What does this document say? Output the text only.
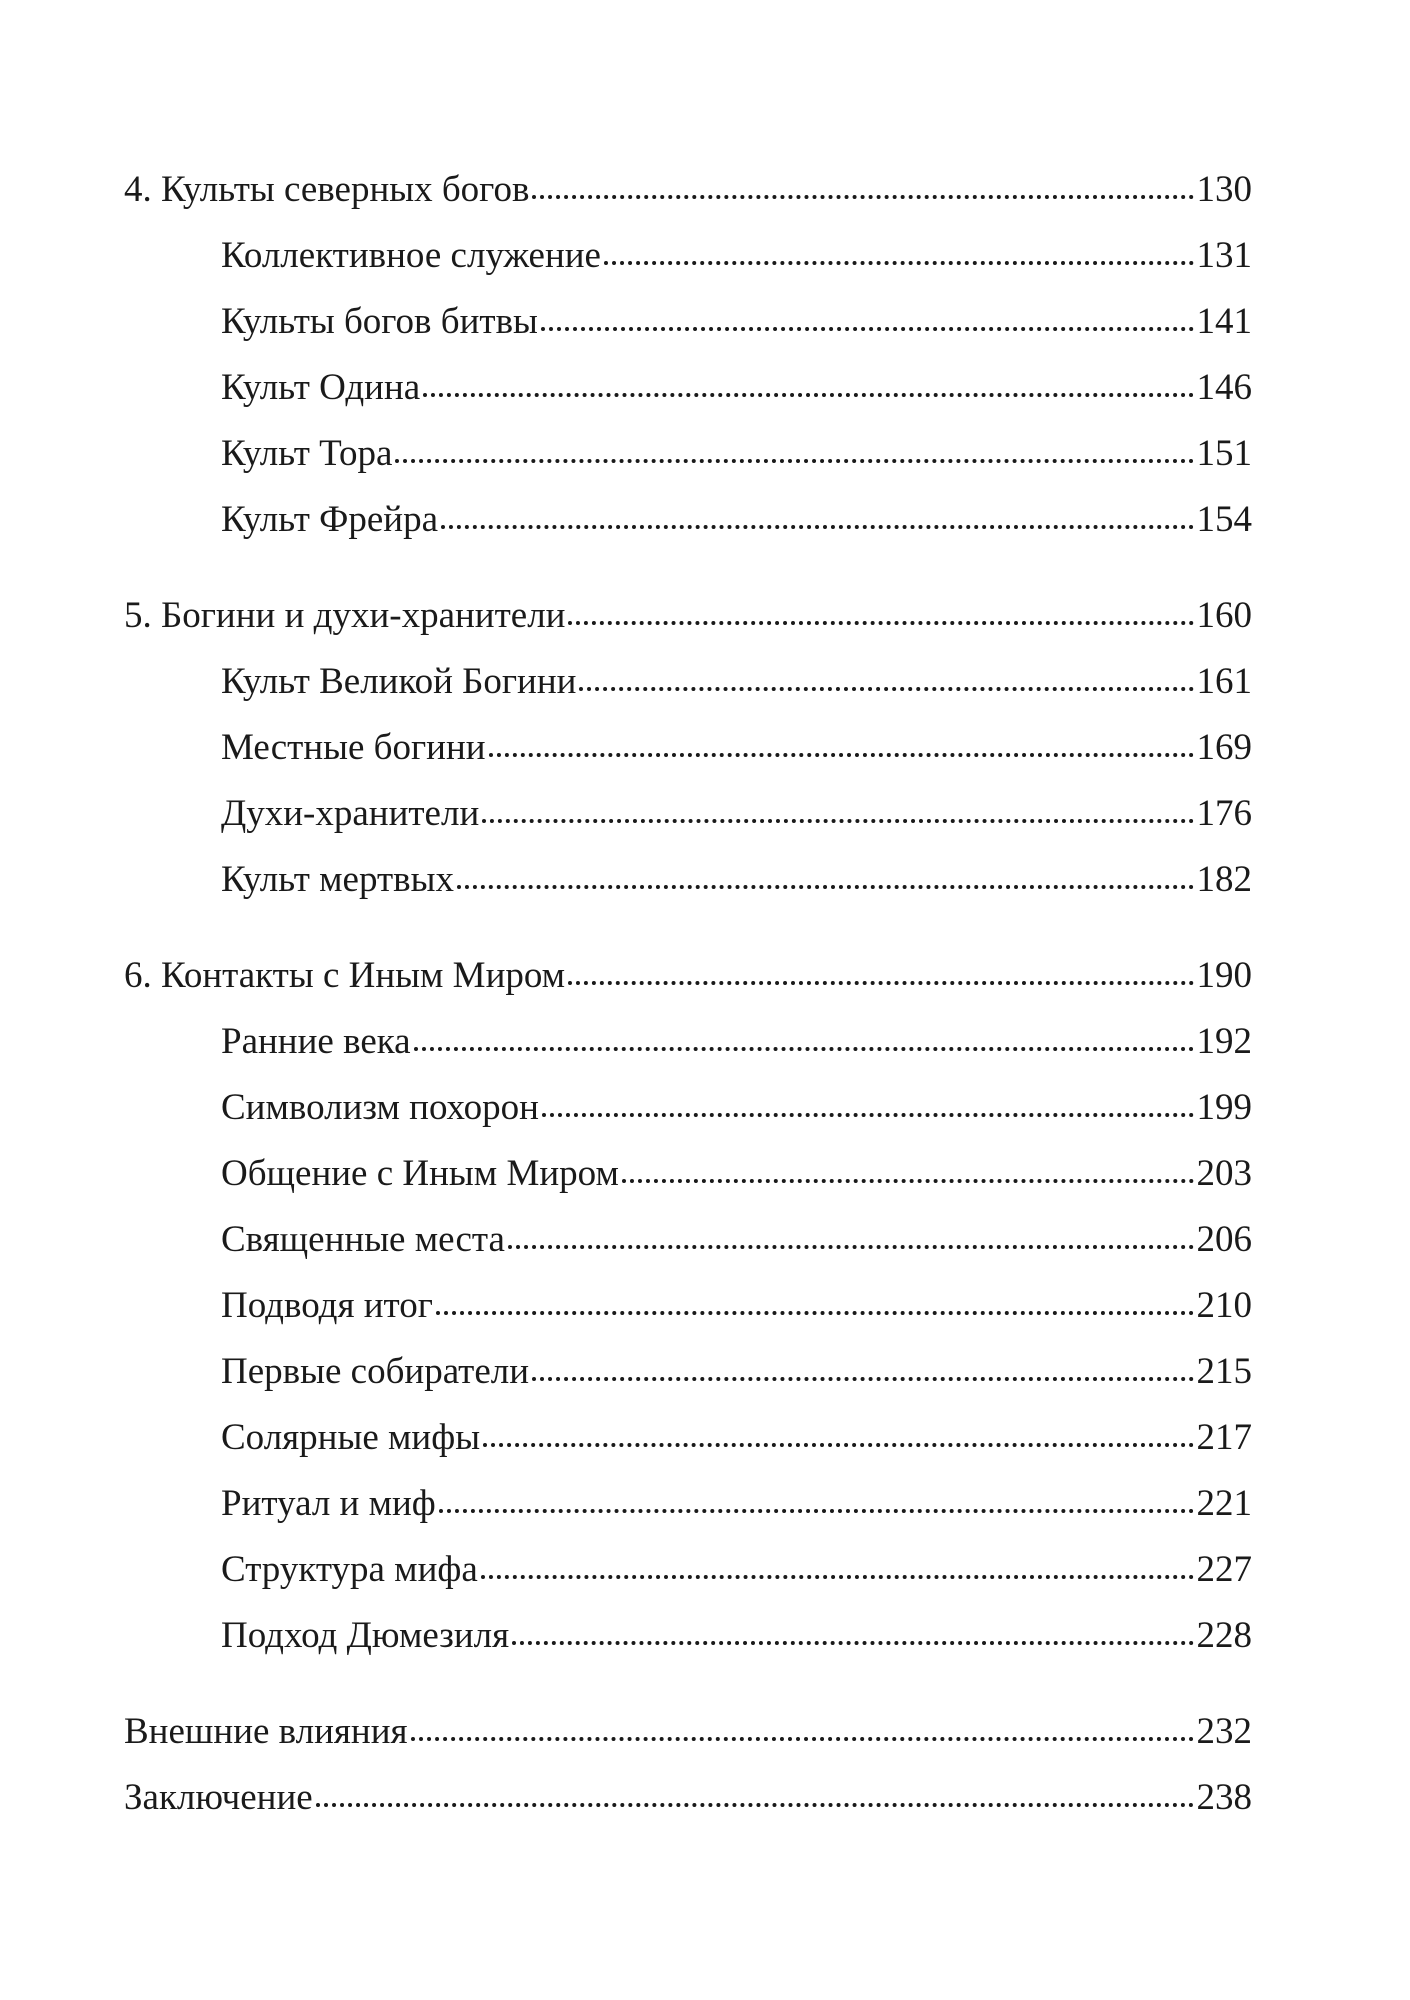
4. Культы северных богов	130
Коллективное служение	131
Культы богов битвы	141
Культ Одина	146
Культ Тора	151
Культ Фрейра	154
5. Богини и духи-хранители	160
Культ Великой Богини	161
Местные богини	169
Духи-хранители	176
Культ мертвых	182
6. Контакты с Иным Миром	190
Ранние века	192
Символизм похорон	199
Общение с Иным Миром	203
Священные места	206
Подводя итог	210
Первые собиратели	215
Солярные мифы	217
Ритуал и миф	221
Структура мифа	227
Подход Дюмезиля	228
Внешние влияния	232
Заключение	238
